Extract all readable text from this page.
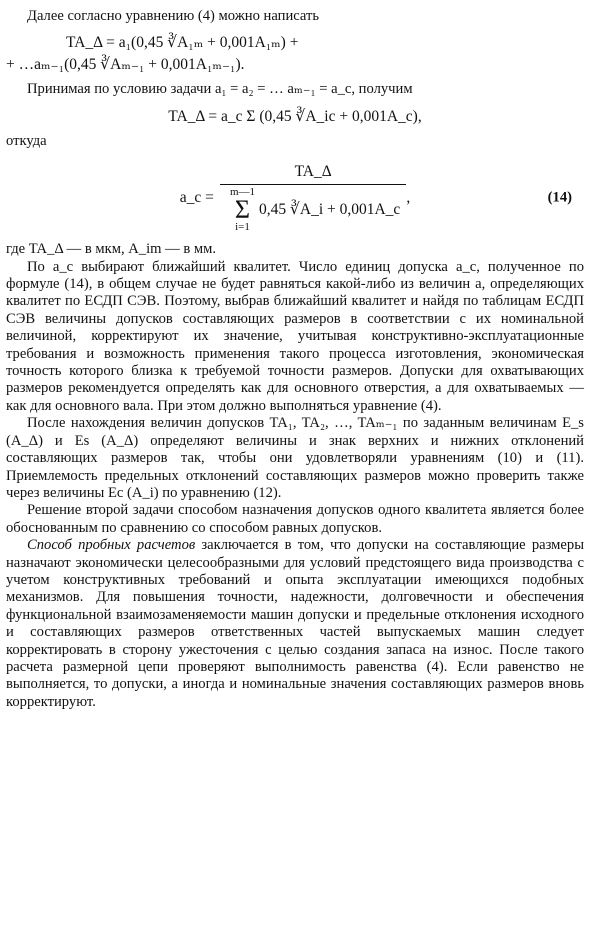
Далее согласно уравнению (4) можно написать

TA_Δ = a₁(0,45 ∛A₁ₘ + 0,001A₁ₘ) +
+ …aₘ₋₁(0,45 ∛Aₘ₋₁ + 0,001A₁ₘ₋₁).

Принимая по условию задачи a₁ = a₂ = … aₘ₋₁ = a_c, получим

TA_Δ = a_c Σ (0,45 ∛A_ic + 0,001A_c),

откуда

a_c =
TA_Δ
m—1
Σ
i=1
0,45 ∛A_i + 0,001A_c
,	(14)

где TA_Δ — в мкм, A_im — в мм.

По a_c выбирают ближайший квалитет. Число единиц допуска a_c, полученное по формуле (14), в общем случае не будет равняться какой-либо из величин a, определяющих квалитет по ЕСДП СЭВ. Поэтому, выбрав ближайший квалитет и найдя по таблицам ЕСДП СЭВ величины допусков составляющих размеров в соответствии с их номинальной величиной, корректируют их значение, учитывая конструктивно-эксплуатационные требования и возможность применения такого процесса изготовления, экономическая точность которого близка к требуемой точности размеров. Допуски для охватывающих размеров рекомендуется определять как для основного отверстия, а для охватываемых — как для основного вала. При этом должно выполняться уравнение (4).

После нахождения величин допусков TA₁, TA₂, …, TAₘ₋₁ по заданным величинам E_s (A_Δ) и Es (A_Δ) определяют величины и знак верхних и нижних отклонений составляющих размеров так, чтобы они удовлетворяли уравнениям (10) и (11). Приемлемость предельных отклонений составляющих размеров можно проверить также через величины Ec (A_i) по уравнению (12).

Решение второй задачи способом назначения допусков одного квалитета является более обоснованным по сравнению со способом равных допусков.

Способ пробных расчетов заключается в том, что допуски на составляющие размеры назначают экономически целесообразными для условий предстоящего вида производства с учетом конструктивных требований и опыта эксплуатации имеющихся подобных механизмов. Для повышения точности, надежности, долговечности и обеспечения функциональной взаимозаменяемости машин допуски и предельные отклонения исходного и составляющих размеров ответственных частей выпускаемых машин следует корректировать в сторону ужесточения с целью создания запаса на износ. После такого расчета размерной цепи проверяют выполнимость равенства (4). Если равенство не выполняется, то допуски, а иногда и номинальные значения составляющих размеров вновь корректируют.
